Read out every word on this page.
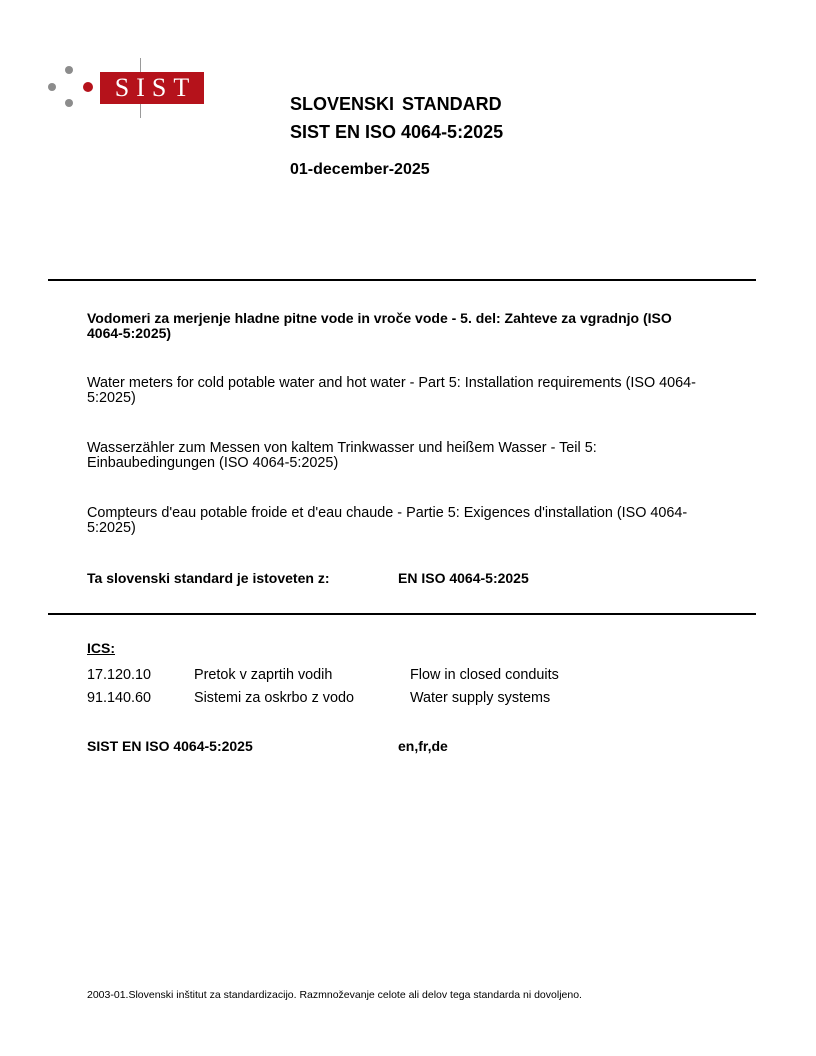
SIST
SLOVENSKI STANDARD
SIST EN ISO 4064-5:2025
01-december-2025
Vodomeri za merjenje hladne pitne vode in vroče vode - 5. del: Zahteve za vgradnjo (ISO 4064-5:2025)
Water meters for cold potable water and hot water - Part 5: Installation requirements (ISO 4064-5:2025)
Wasserzähler zum Messen von kaltem Trinkwasser und heißem Wasser - Teil 5: Einbaubedingungen (ISO 4064-5:2025)
Compteurs d'eau potable froide et d'eau chaude - Partie 5: Exigences d'installation (ISO 4064-5:2025)
Ta slovenski standard je istoveten z:	EN ISO 4064-5:2025
ICS:
17.120.10	Pretok v zaprtih vodih	Flow in closed conduits
91.140.60	Sistemi za oskrbo z vodo	Water supply systems
SIST EN ISO 4064-5:2025	en,fr,de
2003-01.Slovenski inštitut za standardizacijo. Razmnoževanje celote ali delov tega standarda ni dovoljeno.
